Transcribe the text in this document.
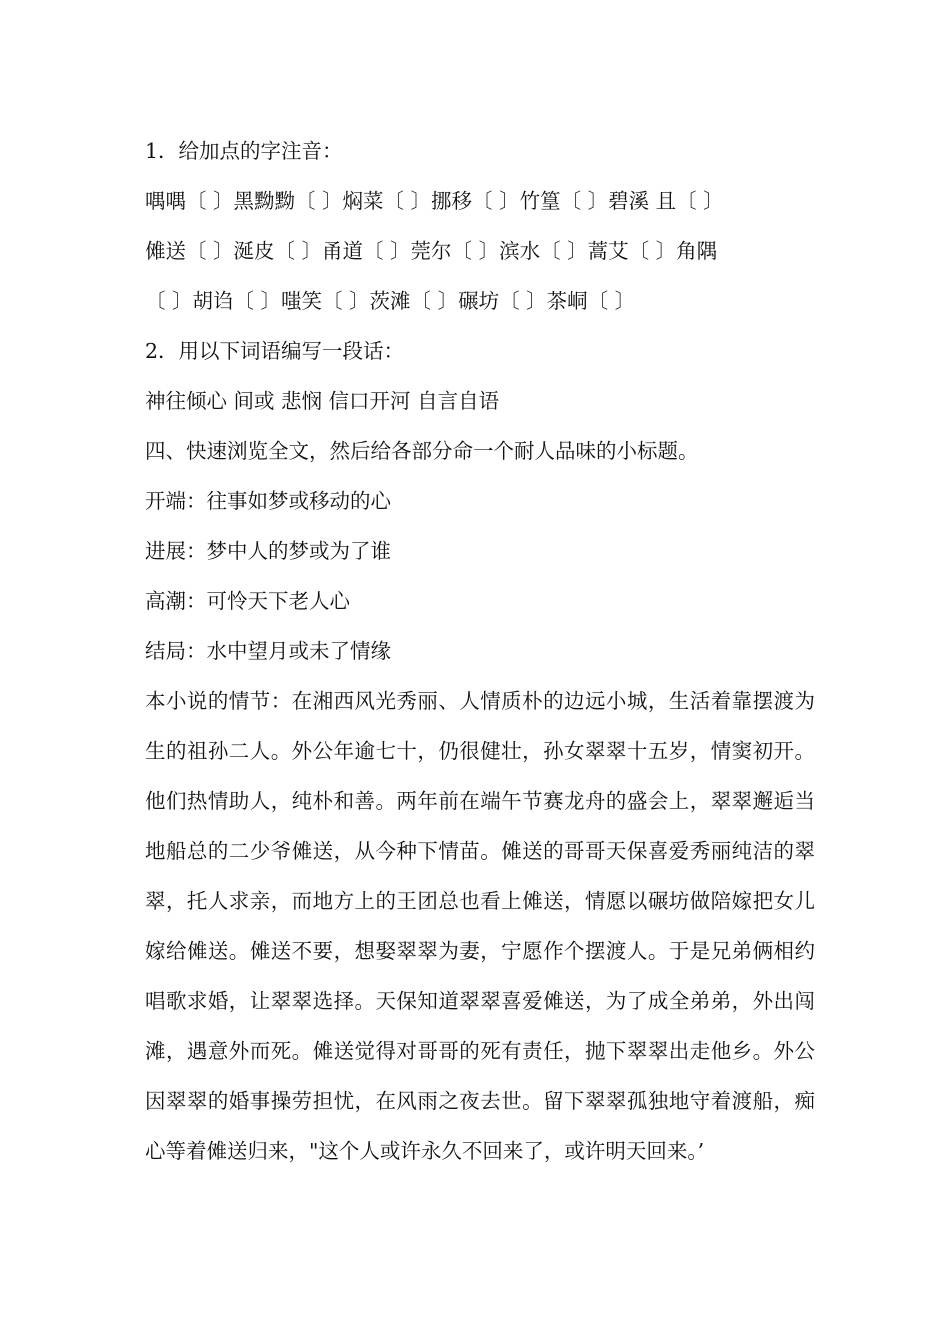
1．给加点的字注音：
喁喁〔 〕黑黝黝〔 〕焖菜〔 〕挪移〔 〕竹篁〔 〕碧溪 且〔 〕
傩送〔 〕涎皮〔 〕甬道〔 〕莞尔〔 〕滨水〔 〕蒿艾〔 〕角隅
〔 〕胡诌〔 〕嗤笑〔 〕茨滩〔 〕碾坊〔 〕茶峒〔 〕
2．用以下词语编写一段话：
神往倾心 间或 悲悯 信口开河 自言自语
四、快速浏览全文，然后给各部分命一个耐人品味的小标题。
开端：往事如梦或移动的心
进展：梦中人的梦或为了谁
高潮：可怜天下老人心
结局：水中望月或未了情缘

本小说的情节：在湘西风光秀丽、人情质朴的边远小城，生活着靠摆渡为生的祖孙二人。外公年逾七十，仍很健壮，孙女翠翠十五岁，情窦初开。他们热情助人，纯朴和善。两年前在端午节赛龙舟的盛会上，翠翠邂逅当地船总的二少爷傩送，从今种下情苗。傩送的哥哥天保喜爱秀丽纯洁的翠翠，托人求亲，而地方上的王团总也看上傩送，情愿以碾坊做陪嫁把女儿嫁给傩送。傩送不要，想娶翠翠为妻，宁愿作个摆渡人。于是兄弟俩相约唱歌求婚，让翠翠选择。天保知道翠翠喜爱傩送，为了成全弟弟，外出闯滩，遇意外而死。傩送觉得对哥哥的死有责任，抛下翠翠出走他乡。外公因翠翠的婚事操劳担忧，在风雨之夜去世。留下翠翠孤独地守着渡船，痴心等着傩送归来，"这个人或许永久不回来了，或许明天回来。’
